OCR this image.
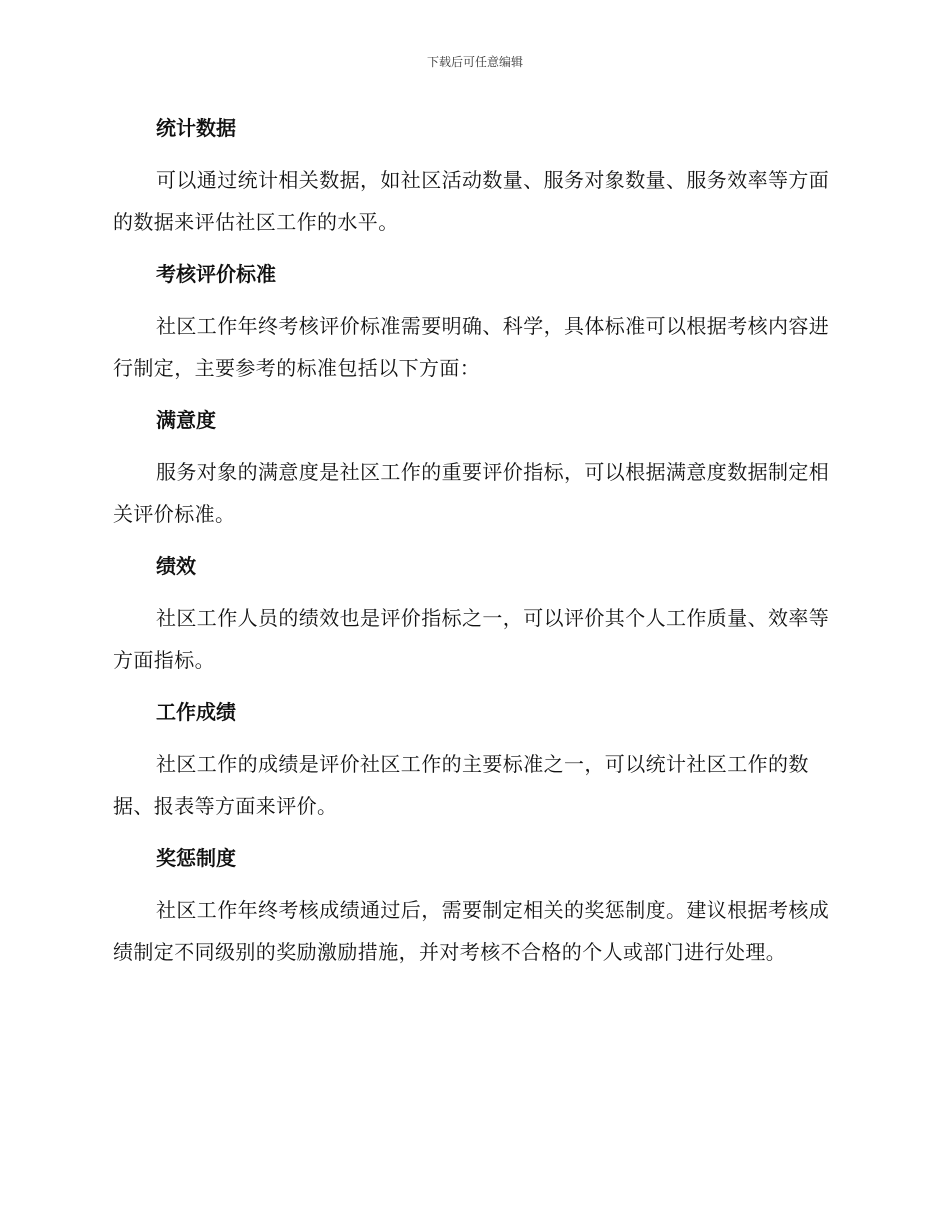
下载后可任意编辑
统计数据

可以通过统计相关数据，如社区活动数量、服务对象数量、服务效率等方面的数据来评估社区工作的水平。

考核评价标准

社区工作年终考核评价标准需要明确、科学，具体标准可以根据考核内容进行制定，主要参考的标准包括以下方面：

满意度

服务对象的满意度是社区工作的重要评价指标，可以根据满意度数据制定相关评价标准。

绩效

社区工作人员的绩效也是评价指标之一，可以评价其个人工作质量、效率等方面指标。

工作成绩

社区工作的成绩是评价社区工作的主要标准之一，可以统计社区工作的数据、报表等方面来评价。

奖惩制度

社区工作年终考核成绩通过后，需要制定相关的奖惩制度。建议根据考核成绩制定不同级别的奖励激励措施，并对考核不合格的个人或部门进行处理。
